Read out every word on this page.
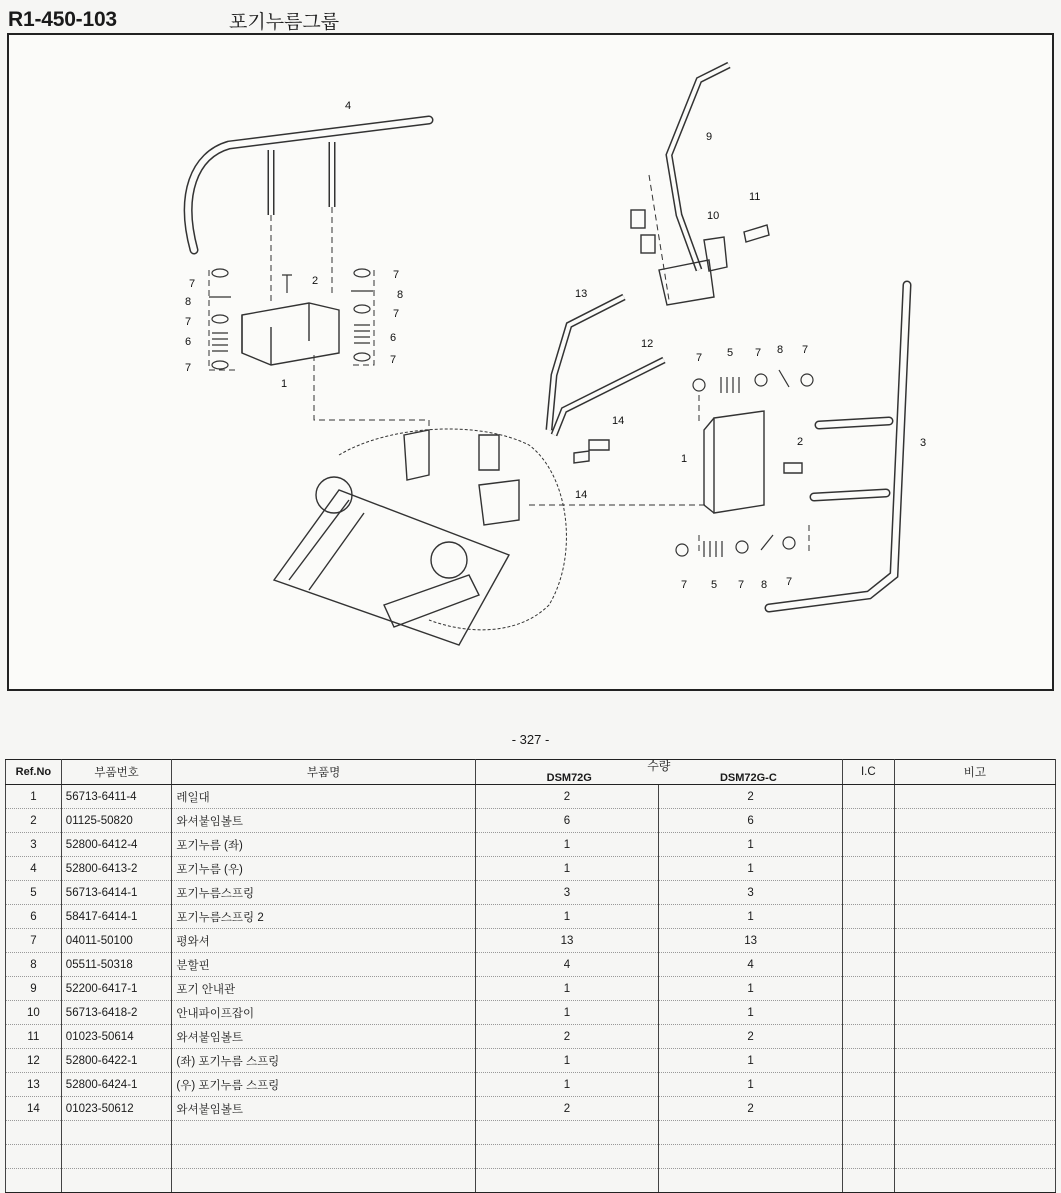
R1-450-103	포기누름그룹
4
2
1
7
8
7
6
7
7
8
7
6
7
9
11
10
13
12
14
14
7 5 7 8 7
1
2	3
7 5 7 8 7
- 327 -
Ref.No	부품번호	부품명	수량
DSM72G DSM72G-C		I.C	비고
1	56713-6411-4	레일대	2	2		
2	01125-50820	와셔붙임볼트	6	6		
3	52800-6412-4	포기누름 (좌)	1	1		
4	52800-6413-2	포기누름 (우)	1	1		
5	56713-6414-1	포기누름스프링	3	3		
6	58417-6414-1	포기누름스프링 2	1	1		
7	04011-50100	평와셔	13	13		
8	05511-50318	분할핀	4	4		
9	52200-6417-1	포기 안내관	1	1		
10	56713-6418-2	안내파이프잡이	1	1		
11	01023-50614	와셔붙임볼트	2	2		
12	52800-6422-1	(좌) 포기누름 스프링	1	1		
13	52800-6424-1	(우) 포기누름 스프링	1	1		
14	01023-50612	와셔붙임볼트	2	2		
